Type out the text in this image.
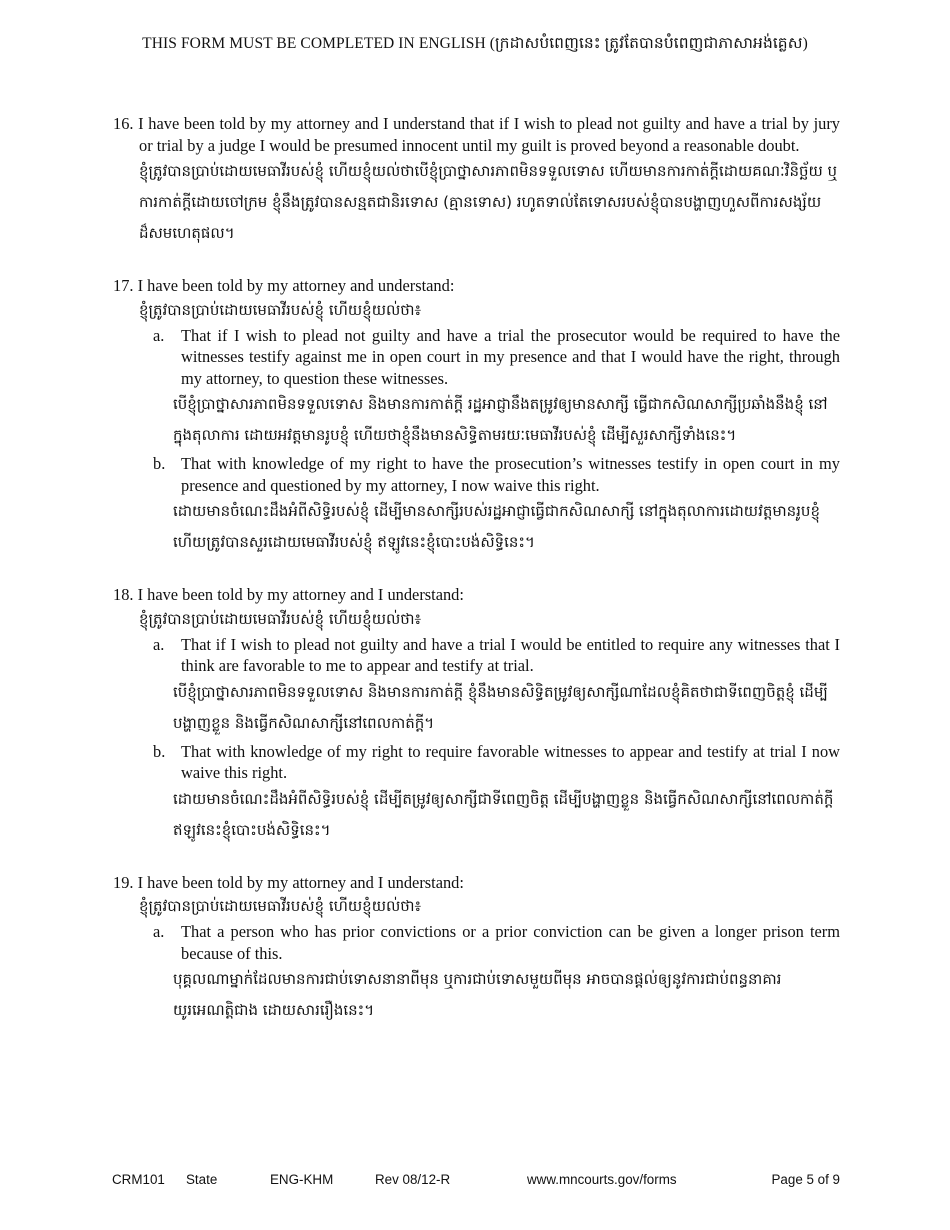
THIS FORM MUST BE COMPLETED IN ENGLISH (ក្រដាសបំពេញនេះ ត្រូវតែបានបំពេញជាភាសាអង់គ្លេស)
16. I have been told by my attorney and I understand that if I wish to plead not guilty and have a trial by jury or trial by a judge I would be presumed innocent until my guilt is proved beyond a reasonable doubt.
ខ្ញុំត្រូវបានប្រាប់ដោយមេធាវីរបស់ខ្ញុំ ហើយខ្ញុំយល់ថាបើខ្ញុំប្រាថ្នាសារភាពមិនទទួលទោស ហើយមានការកាត់ក្តីដោយគណៈវិនិច្ឆ័យ ឬការកាត់ក្តីដោយចៅក្រម ខ្ញុំនឹងត្រូវបានសន្មតជានិរទោស (គ្មានទោស) រហូតទាល់តែទោសរបស់ខ្ញុំបានបង្ហាញហួសពីការសង្ស័យដ៏សមហេតុផល។
17. I have been told by my attorney and understand:
ខ្ញុំត្រូវបានប្រាប់ដោយមេធាវីរបស់ខ្ញុំ ហើយខ្ញុំយល់ថា៖
a.	That if I wish to plead not guilty and have a trial the prosecutor would be required to have the witnesses testify against me in open court in my presence and that I would have the right, through my attorney, to question these witnesses.
បើខ្ញុំប្រាថ្នាសារភាពមិនទទួលទោស និងមានការកាត់ក្តី រដ្ឋអាជ្ញានឹងតម្រូវឲ្យមានសាក្សី ធ្វើជាកសិណសាក្សីប្រឆាំងនឹងខ្ញុំ នៅក្នុងតុលាការ ដោយអវត្តមានរូបខ្ញុំ ហើយថាខ្ញុំនឹងមានសិទ្ធិតាមរយៈមេធាវីរបស់ខ្ញុំ ដើម្បីសួរសាក្សីទាំងនេះ។
b. That with knowledge of my right to have the prosecution’s witnesses testify in open court in my presence and questioned by my attorney, I now waive this right.
ដោយមានចំណេះដឹងអំពីសិទ្ធិរបស់ខ្ញុំ ដើម្បីមានសាក្សីរបស់រដ្ឋអាជ្ញាធ្វើជាកសិណសាក្សី នៅក្នុងតុលាការដោយវត្តមានរូបខ្ញុំ ហើយត្រូវបានសួរដោយមេធាវីរបស់ខ្ញុំ ឥឡូវនេះខ្ញុំបោះបង់សិទ្ធិនេះ។
18. I have been told by my attorney and I understand:
ខ្ញុំត្រូវបានប្រាប់ដោយមេធាវីរបស់ខ្ញុំ ហើយខ្ញុំយល់ថា៖
a.	That if I wish to plead not guilty and have a trial I would be entitled to require any witnesses that I think are favorable to me to appear and testify at trial.
បើខ្ញុំប្រាថ្នាសារភាពមិនទទួលទោស និងមានការកាត់ក្តី ខ្ញុំនឹងមានសិទ្ធិតម្រូវឲ្យសាក្សីណាដែលខ្ញុំគិតថាជាទីពេញចិត្តខ្ញុំ ដើម្បីបង្ហាញខ្លួន និងធ្វើកសិណសាក្សីនៅពេលកាត់ក្តី។
b. That with knowledge of my right to require favorable witnesses to appear and testify at trial I now waive this right.
ដោយមានចំណេះដឹងអំពីសិទ្ធិរបស់ខ្ញុំ ដើម្បីតម្រូវឲ្យសាក្សីជាទីពេញចិត្ត ដើម្បីបង្ហាញខ្លួន និងធ្វើកសិណសាក្សីនៅពេលកាត់ក្តី ឥឡូវនេះខ្ញុំបោះបង់សិទ្ធិនេះ។
19. I have been told by my attorney and I understand:
ខ្ញុំត្រូវបានប្រាប់ដោយមេធាវីរបស់ខ្ញុំ ហើយខ្ញុំយល់ថា៖
a.	That a person who has prior convictions or a prior conviction can be given a longer prison term because of this.
បុគ្គលណាម្នាក់ដែលមានការជាប់ទោសនានាពីមុន ឬការជាប់ទោសមួយពីមុន អាចបានផ្តល់ឲ្យនូវការជាប់ពន្ធនាគារយូរអេណត្តិជាង ដោយសាររឿងនេះ។
CRM101 State	ENG-KHM	Rev 08/12-R	www.mncourts.gov/forms	Page 5 of 9
